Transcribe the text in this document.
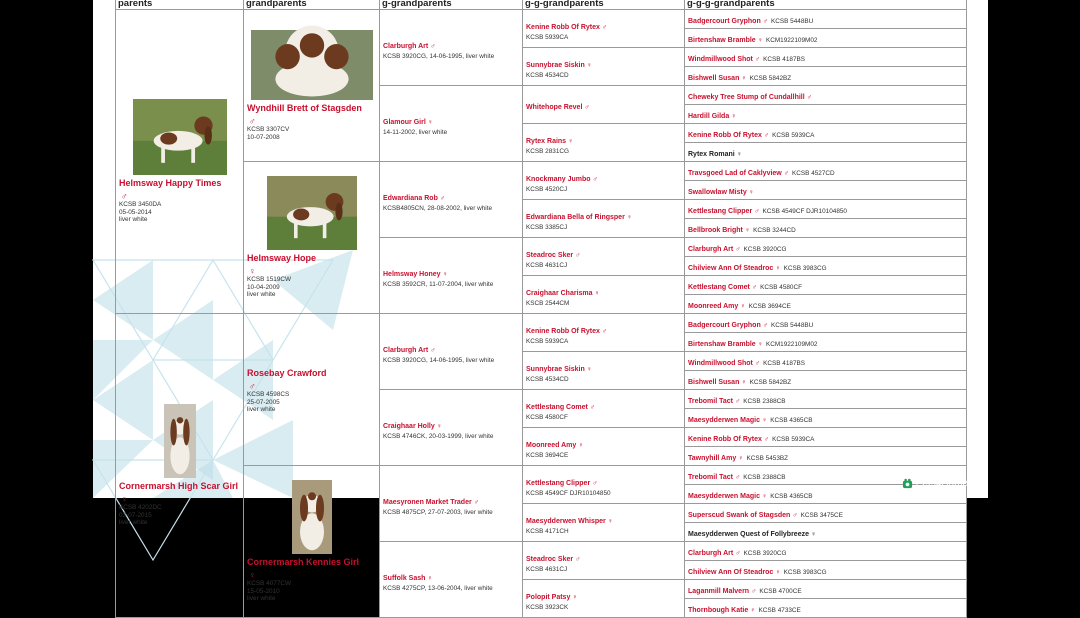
parents	grandparents	g-grandparents	g-g-grandparents	g-g-g-grandparents

Helmsway Happy Times
♂
KCSB 3450DA
05-05-2014
liver white	Wyndhill Brett of Stagsden
♂
KCSB 3307CV
10-07-2008	Clarburgh Art ♂
KCSB 3920CG, 14-06-1995, liver white	Kenine Robb Of Rytex ♂
KCSB 5939CA	Badgercourt Gryphon ♂ KCSB 5448BU
				Birtenshaw Bramble ♀ KCM1922109M02
			Sunnybrae Siskin ♀
KCSB 4534CD	Windmillwood Shot ♂ KCSB 4187BS
				Bishwell Susan ♀ KCSB 5842BZ
		Glamour Girl ♀
14-11-2002, liver white	Whitehope Revel ♂	Cheweky Tree Stump of Cundallhill ♂
				Hardill Gilda ♀
			Rytex Rains ♀
KCSB 2831CG	Kenine Robb Of Rytex ♂ KCSB 5939CA
				Rytex Romani ♀

	Helmsway Hope
♀
KCSB 1519CW
10-04-2009
liver white	Edwardiana Rob ♂
KCSB4805CN, 28-08-2002, liver white	Knockmany Jumbo ♂
KCSB 4520CJ	Travsgoed Lad of Caklyview ♂ KCSB 4527CD
				Swallowlaw Misty ♀
			Edwardiana Bella of Ringsper ♀
KCSB 3385CJ	Kettlestang Clipper ♂ KCSB 4549CF DJR10104850
				Bellbrook Bright ♀ KCSB 3244CD
		Helmsway Honey ♀
KCSB 3592CR, 11-07-2004, liver white	Steadroc Sker ♂
KCSB 4631CJ	Clarburgh Art ♂ KCSB 3920CG
				Chilview Ann Of Steadroc ♀ KCSB 3983CG
			Craighaar Charisma ♀
KSCB 2544CM	Kettlestang Comet ♂ KCSB 4580CF
				Moonreed Amy ♀ KCSB 3694CE

Cornermarsh High Scar Girl
♀
KCSB 4202DC
03-07-2015
liver white	Rosebay Crawford
♂
KCSB 4598CS
25-07-2005
liver white	Clarburgh Art ♂
KCSB 3920CG, 14-06-1995, liver white	Kenine Robb Of Rytex ♂
KCSB 5939CA	Badgercourt Gryphon ♂ KCSB 5448BU
				Birtenshaw Bramble ♀ KCM1922109M02
			Sunnybrae Siskin ♀
KCSB 4534CD	Windmillwood Shot ♂ KCSB 4187BS
				Bishwell Susan ♀ KCSB 5842BZ
		Craighaar Holly ♀
KCSB 4746CK, 20-03-1999, liver white	Kettlestang Comet ♂
KCSB 4580CF	Trebomil Tact ♂ KCSB 2388CB
				Maesydderwen Magic ♀ KCSB 4365CB
			Moonreed Amy ♀
KCSB 3694CE	Kenine Robb Of Rytex ♂ KCSB 5939CA
				Tawnyhill Amy ♀ KCSB 5453BZ

	Cornermarsh Kennies Girl
♀
KCSB 4077CW
15-05-2010
liver white	Maesyronen Market Trader ♂
KCSB 4875CP, 27-07-2003, liver white	Kettlestang Clipper ♂
KCSB 4549CF DJR10104850	Trebomil Tact ♂ KCSB 2388CB
				Maesydderwen Magic ♀ KCSB 4365CB
			Maesydderwen Whisper ♀
KCSB 4171CH	Superscud Swank of Stagsden ♂ KCSB 3475CE
				Maesydderwen Quest of Follybreeze ♀
		Suffolk Sash ♀
KCSB 4275CP, 13-06-2004, liver white	Steadroc Sker ♂
KCSB 4631CJ	Clarburgh Art ♂ KCSB 3920CG
				Chilview Ann Of Steadroc ♀ KCSB 3983CG
			Polopit Patsy ♀
KCSB 3923CK	Laganmill Malvern ♂ KCSB 4700CE
				Thornbough Katie ♀ KCSB 4733CE
Pets4Homes
